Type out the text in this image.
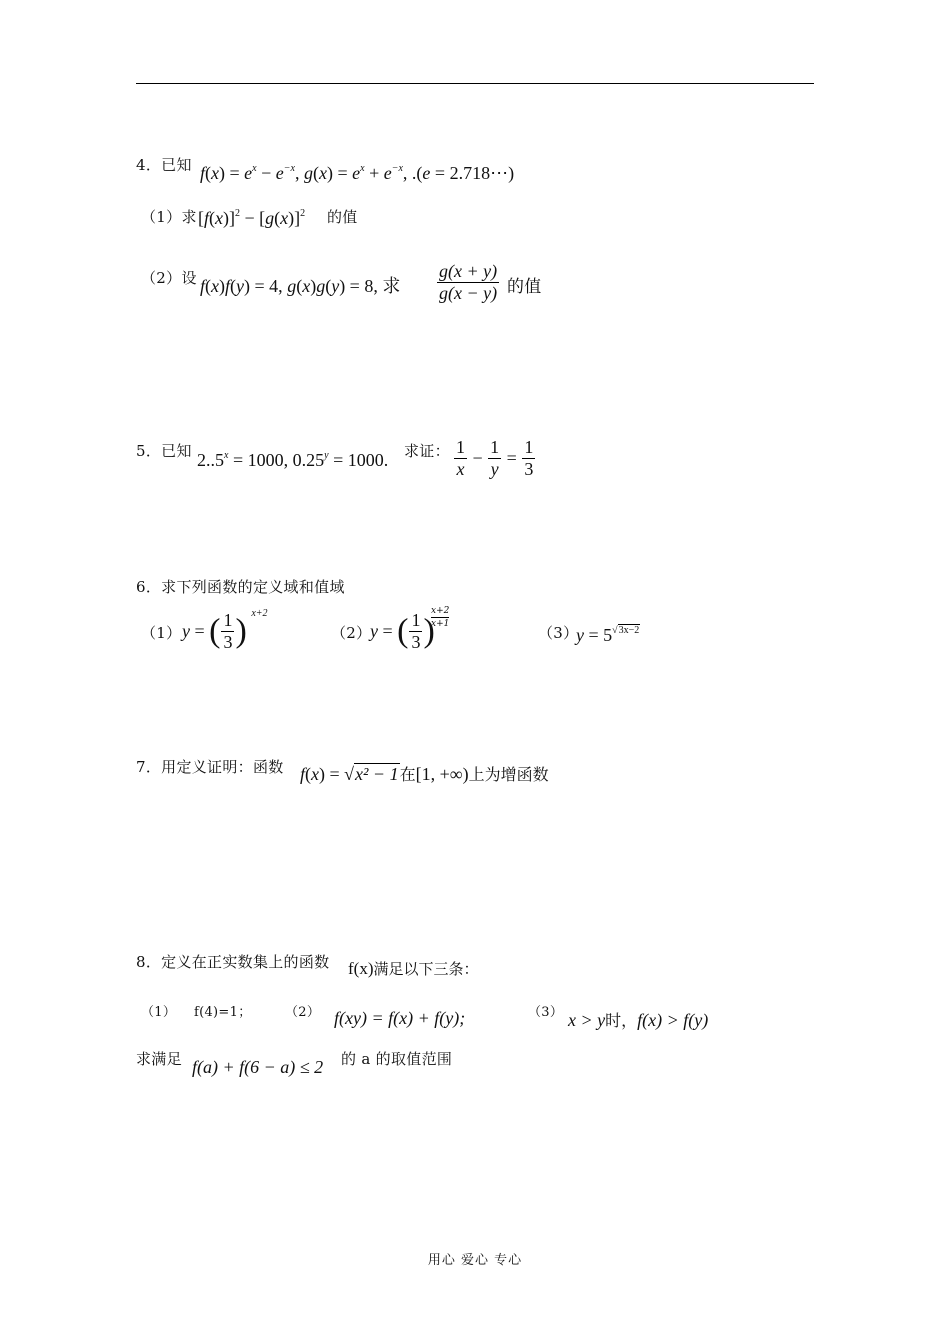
4．已知 $f(x) = e^x - e^{-x}$, $g(x) = e^x + e^{-x}$, .(e = 2.718⋯)
（1）求 $[f(x)]^2 - [g(x)]^2$ 的值
（2）设 f(x)f(y) = 4, g(x)g(y) = 8, 求 $\frac{g(x + y)}{g(x - y)}$ 的值
5．已知 $2..5^x = 1000$, $0.25^y = 1000$. 求证： $\frac{1}{x} - \frac{1}{y} = \frac{1}{3}$
6．求下列函数的定义域和值域
（1） y = ( $\frac{1}{3}$ ) $^{x+2}$
（2）
y = ( $\frac{1}{3}$ )
$\frac{x+2}{x+1}$
（3）
$y = 5^{√3x-2}$
7．用定义证明：函数 f(x) = √x² − 1在[1, +∞)上为增函数
8．定义在正实数集上的函数 f(x)满足以下三条：
（1） f(4)=1；	（2） f(xy) = f(x) + f(y);	（3） x > y时，f(x) > f(y)
求满足 f(a) + f(6 − a) ≤ 2 的 a 的取值范围
用心 爱心 专心
